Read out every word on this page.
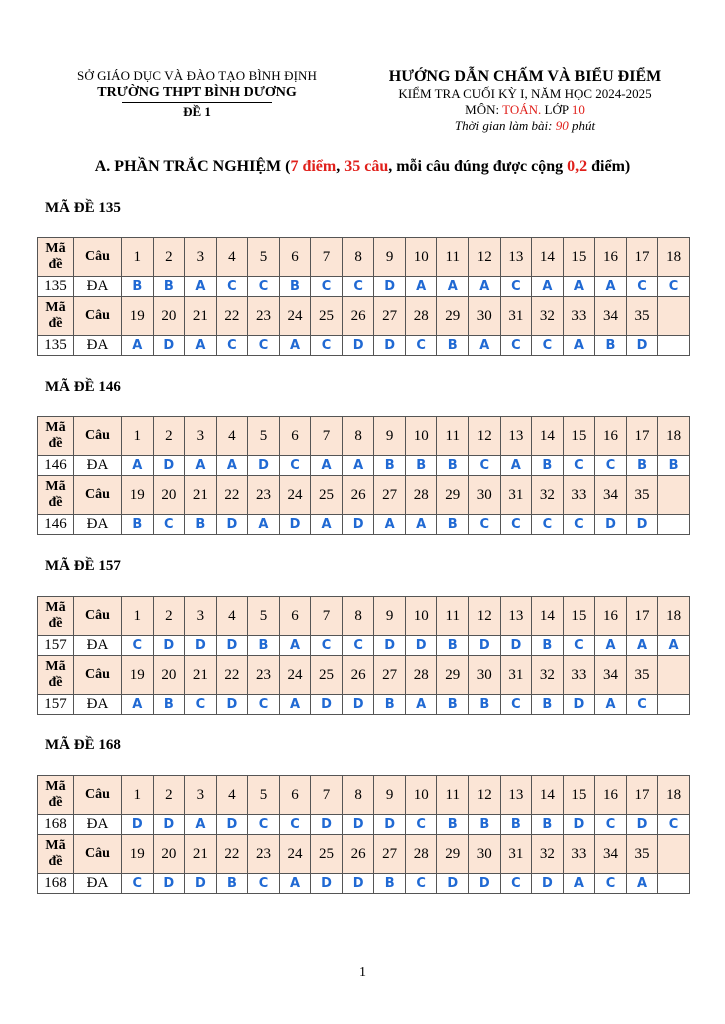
SỞ GIÁO DỤC VÀ ĐÀO TẠO BÌNH ĐỊNH
TRƯỜNG THPT BÌNH DƯƠNG
ĐỀ 1
HƯỚNG DẪN CHẤM VÀ BIỂU ĐIỂM
KIỂM TRA CUỐI KỲ I, NĂM HỌC 2024-2025
MÔN: TOÁN. LỚP 10
Thời gian làm bài: 90 phút
A. PHẦN TRẮC NGHIỆM (7 điểm, 35 câu, mỗi câu đúng được cộng 0,2 điểm)
MÃ ĐỀ 135
Mã
đề	Câu	1	2	3	4	5	6	7	8	9	10	11	12	13	14	15	16	17	18
135	ĐA	B	B	A	C	C	B	C	C	D	A	A	A	C	A	A	A	C	C
Mã
đề	Câu	19	20	21	22	23	24	25	26	27	28	29	30	31	32	33	34	35	
135	ĐA	A	D	A	C	C	A	C	D	D	C	B	A	C	C	A	B	D	
MÃ ĐỀ 146
Mã
đề	Câu	1	2	3	4	5	6	7	8	9	10	11	12	13	14	15	16	17	18
146	ĐA	A	D	A	A	D	C	A	A	B	B	B	C	A	B	C	C	B	B
Mã
đề	Câu	19	20	21	22	23	24	25	26	27	28	29	30	31	32	33	34	35	
146	ĐA	B	C	B	D	A	D	A	D	A	A	B	C	C	C	C	D	D	
MÃ ĐỀ 157
Mã
đề	Câu	1	2	3	4	5	6	7	8	9	10	11	12	13	14	15	16	17	18
157	ĐA	C	D	D	D	B	A	C	C	D	D	B	D	D	B	C	A	A	A
Mã
đề	Câu	19	20	21	22	23	24	25	26	27	28	29	30	31	32	33	34	35	
157	ĐA	A	B	C	D	C	A	D	D	B	A	B	B	C	B	D	A	C	
MÃ ĐỀ 168
Mã
đề	Câu	1	2	3	4	5	6	7	8	9	10	11	12	13	14	15	16	17	18
168	ĐA	D	D	A	D	C	C	D	D	D	C	B	B	B	B	D	C	D	C
Mã
đề	Câu	19	20	21	22	23	24	25	26	27	28	29	30	31	32	33	34	35	
168	ĐA	C	D	D	B	C	A	D	D	B	C	D	D	C	D	A	C	A	
1
